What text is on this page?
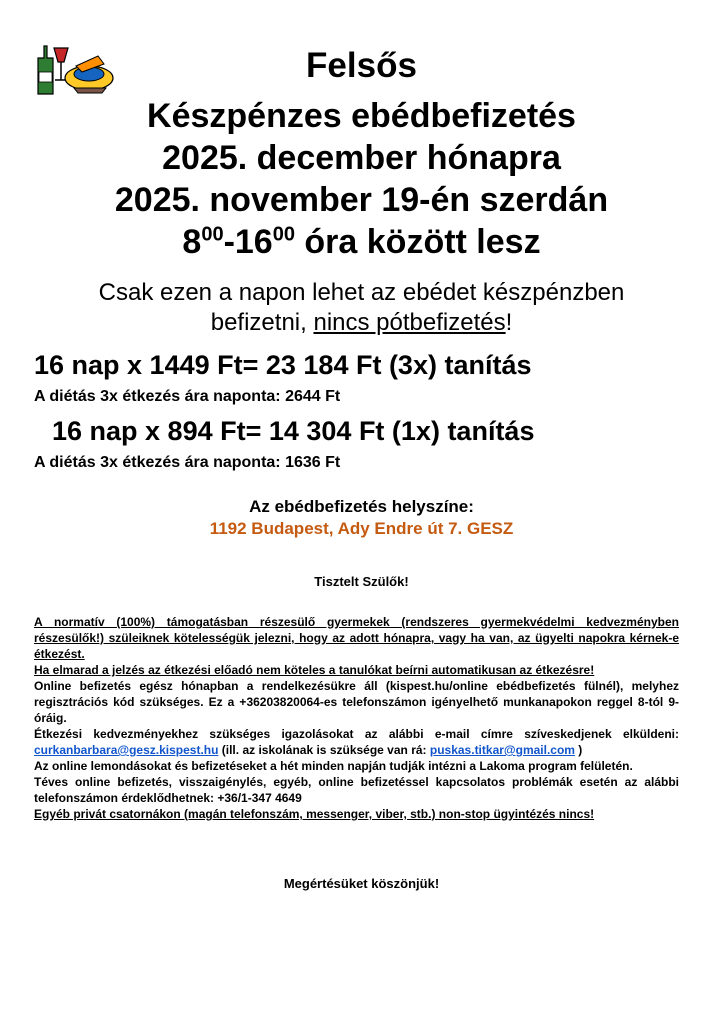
Felsős
Készpénzes ebédbefizetés
2025. december hónapra
2025. november 19-én szerdán
$8^{00}-16^{00}$ óra között lesz
Csak ezen a napon lehet az ebédet készpénzben
befizetni, nincs pótbefizetés!
16 nap x 1449 Ft= 23 184 Ft (3x) tanítás
A diétás 3x étkezés ára naponta: 2644 Ft
16 nap x 894 Ft= 14 304 Ft (1x) tanítás
A diétás 3x étkezés ára naponta: 1636 Ft
Az ebédbefizetés helyszíne:
1192 Budapest, Ady Endre út 7. GESZ
Tisztelt Szülők!

A normatív (100%) támogatásban részesülő gyermekek (rendszeres gyermekvédelmi kedvezményben részesülők!) szüleiknek kötelességük jelezni, hogy az adott hónapra, vagy ha van, az ügyelti napokra kérnek-e étkezést.

Ha elmarad a jelzés az étkezési előadó nem köteles a tanulókat beírni automatikusan az étkezésre!

Online befizetés egész hónapban a rendelkezésükre áll (kispest.hu/online ebédbefizetés fülnél), melyhez regisztrációs kód szükséges. Ez a +36203820064-es telefonszámon igényelhető munkanapokon reggel 8-tól 9-óráig.

Étkezési kedvezményekhez szükséges igazolásokat az alábbi e-mail címre szíveskedjenek elküldeni: curkanbarbara@gesz.kispest.hu (ill. az iskolának is szüksége van rá: puskas.titkar@gmail.com )

Az online lemondásokat és befizetéseket a hét minden napján tudják intézni a Lakoma program felületén.

Téves online befizetés, visszaigénylés, egyéb, online befizetéssel kapcsolatos problémák esetén az alábbi telefonszámon érdeklődhetnek: +36/1-347 4649

Egyéb privát csatornákon (magán telefonszám, messenger, viber, stb.) non-stop ügyintézés nincs!

Megértésüket köszönjük!
